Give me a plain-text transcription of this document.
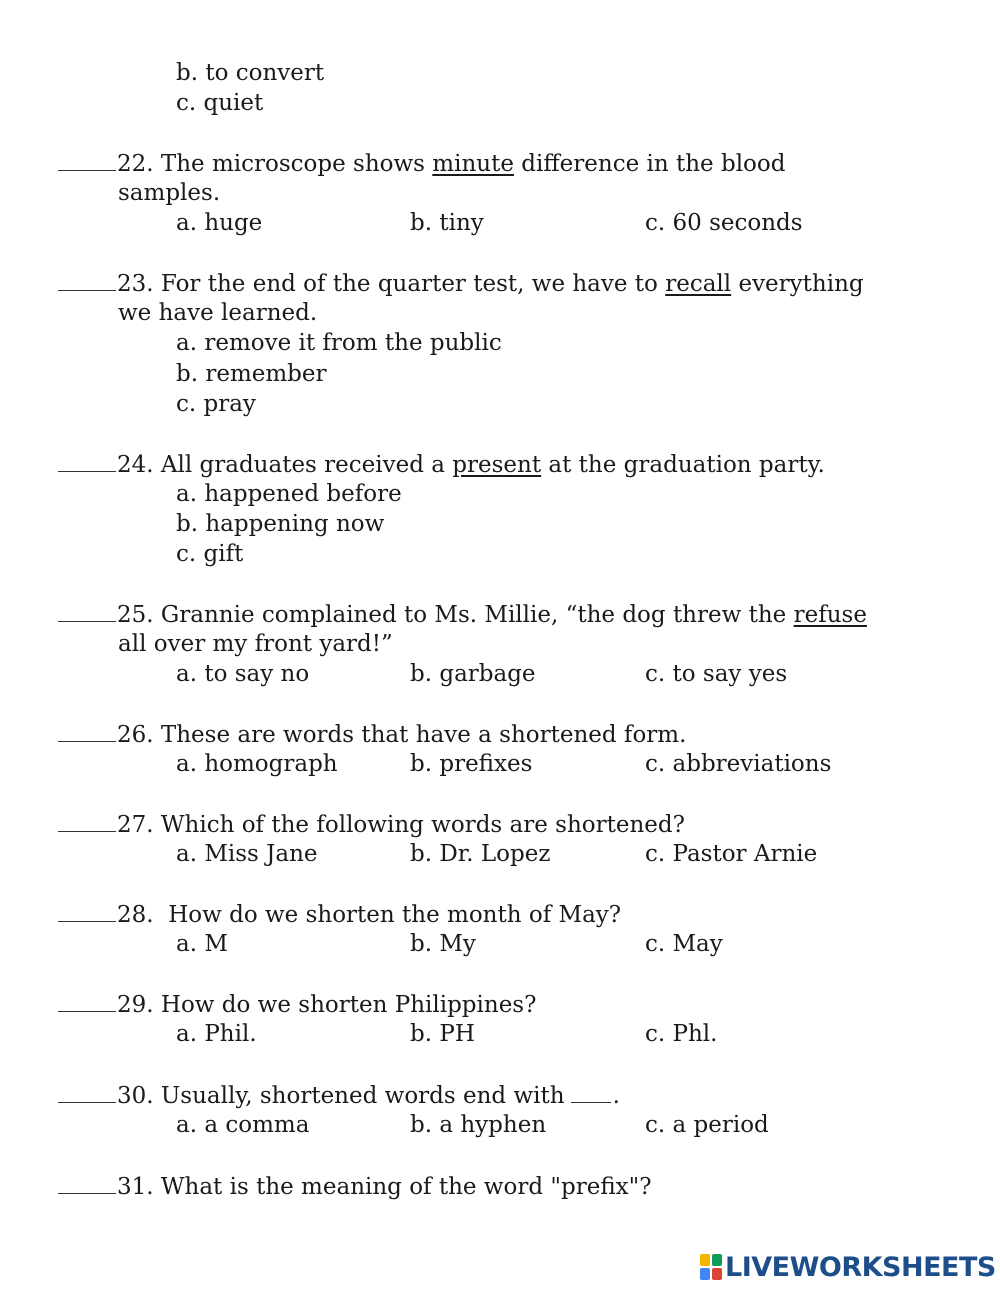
b. to convert
c. quiet
22. The microscope shows minute difference in the blood
samples.
a. huge	b. tiny	c. 60 seconds
23. For the end of the quarter test, we have to recall everything
we have learned.
a. remove it from the public
b. remember
c. pray
24. All graduates received a present at the graduation party.
a. happened before
b. happening now
c. gift
25. Grannie complained to Ms. Millie, “the dog threw the refuse
all over my front yard!”
a. to say no	b. garbage	c. to say yes
26. These are words that have a shortened form.
a. homograph	b. prefixes	c. abbreviations
27. Which of the following words are shortened?
a. Miss Jane	b. Dr. Lopez	c. Pastor Arnie
28.  How do we shorten the month of May?
a. M	b. My	c. May
29. How do we shorten Philippines?
a. Phil.	b. PH	c. Phl.
30. Usually, shortened words end with .
a. a comma	b. a hyphen	c. a period
31. What is the meaning of the word "prefix"?
LIVEWORKSHEETS
